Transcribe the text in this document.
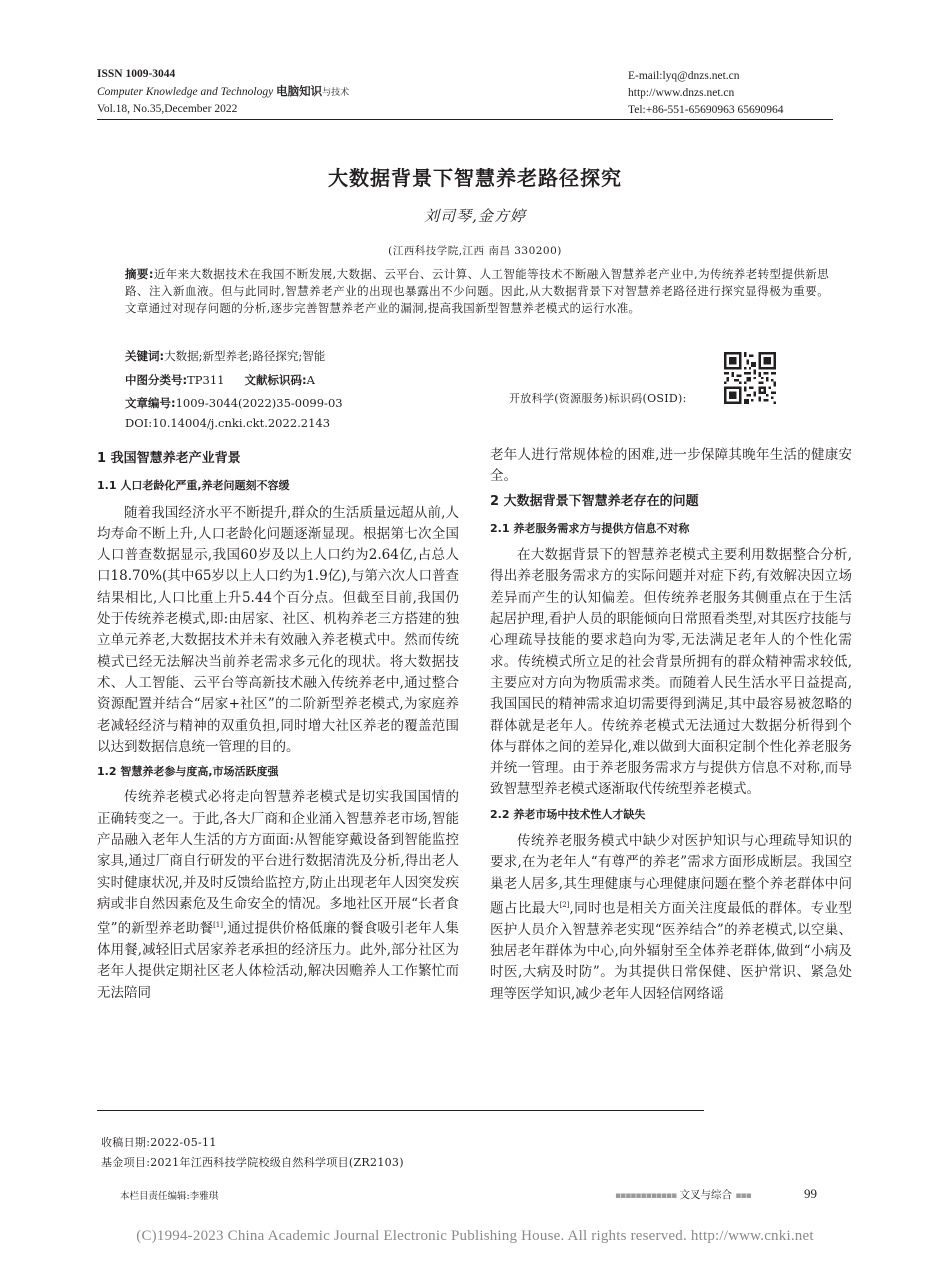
ISSN 1009-3044
Computer Knowledge and Technology 电脑知识与技术
Vol.18, No.35,December 2022
E-mail:lyq@dnzs.net.cn
http://www.dnzs.net.cn
Tel:+86-551-65690963 65690964
大数据背景下智慧养老路径探究
刘司琴,金方婷
(江西科技学院,江西 南昌 330200)
摘要:近年来大数据技术在我国不断发展,大数据、云平台、云计算、人工智能等技术不断融入智慧养老产业中,为传统养老转型提供新思路、注入新血液。但与此同时,智慧养老产业的出现也暴露出不少问题。因此,从大数据背景下对智慧养老路径进行探究显得极为重要。文章通过对现存问题的分析,逐步完善智慧养老产业的漏洞,提高我国新型智慧养老模式的运行水准。
关键词:大数据;新型养老;路径探究;智能
中图分类号:TP311 文献标识码:A
文章编号:1009-3044(2022)35-0099-03
DOI:10.14004/j.cnki.ckt.2022.2143
开放科学(资源服务)标识码(OSID):
1 我国智慧养老产业背景
1.1 人口老龄化严重,养老问题刻不容缓

随着我国经济水平不断提升,群众的生活质量远超从前,人均寿命不断上升,人口老龄化问题逐渐显现。根据第七次全国人口普查数据显示,我国60岁及以上人口约为2.64亿,占总人口18.70%(其中65岁以上人口约为1.9亿),与第六次人口普查结果相比,人口比重上升5.44个百分点。但截至目前,我国仍处于传统养老模式,即:由居家、社区、机构养老三方搭建的独立单元养老,大数据技术并未有效融入养老模式中。然而传统模式已经无法解决当前养老需求多元化的现状。将大数据技术、人工智能、云平台等高新技术融入传统养老中,通过整合资源配置并结合“居家+社区”的二阶新型养老模式,为家庭养老减轻经济与精神的双重负担,同时增大社区养老的覆盖范围以达到数据信息统一管理的目的。

1.2 智慧养老参与度高,市场活跃度强

传统养老模式必将走向智慧养老模式是切实我国国情的正确转变之一。于此,各大厂商和企业涌入智慧养老市场,智能产品融入老年人生活的方方面面:从智能穿戴设备到智能监控家具,通过厂商自行研发的平台进行数据清洗及分析,得出老人实时健康状况,并及时反馈给监控方,防止出现老年人因突发疾病或非自然因素危及生命安全的情况。多地社区开展“长者食堂”的新型养老助餐[1],通过提供价格低廉的餐食吸引老年人集体用餐,减轻旧式居家养老承担的经济压力。此外,部分社区为老年人提供定期社区老人体检活动,解决因赡养人工作繁忙而无法陪同

老年人进行常规体检的困难,进一步保障其晚年生活的健康安全。

2 大数据背景下智慧养老存在的问题
2.1 养老服务需求方与提供方信息不对称

在大数据背景下的智慧养老模式主要利用数据整合分析,得出养老服务需求方的实际问题并对症下药,有效解决因立场差异而产生的认知偏差。但传统养老服务其侧重点在于生活起居护理,看护人员的职能倾向日常照看类型,对其医疗技能与心理疏导技能的要求趋向为零,无法满足老年人的个性化需求。传统模式所立足的社会背景所拥有的群众精神需求较低,主要应对方向为物质需求类。而随着人民生活水平日益提高,我国国民的精神需求迫切需要得到满足,其中最容易被忽略的群体就是老年人。传统养老模式无法通过大数据分析得到个体与群体之间的差异化,难以做到大面积定制个性化养老服务并统一管理。由于养老服务需求方与提供方信息不对称,而导致智慧型养老模式逐渐取代传统型养老模式。

2.2 养老市场中技术性人才缺失

传统养老服务模式中缺少对医护知识与心理疏导知识的要求,在为老年人“有尊严的养老”需求方面形成断层。我国空巢老人居多,其生理健康与心理健康问题在整个养老群体中问题占比最大[2],同时也是相关方面关注度最低的群体。专业型医护人员介入智慧养老实现“医养结合”的养老模式,以空巢、独居老年群体为中心,向外辐射至全体养老群体,做到“小病及时医,大病及时防”。为其提供日常保健、医护常识、紧急处理等医学知识,减少老年人因轻信网络谣

收稿日期:2022-05-11
基金项目:2021年江西科技学院校级自然科学项目(ZR2103)
本栏目责任编辑:李雅琪	▪▪▪▪▪▪▪▪▪▪▪▪ 文叉与综合 ▪▪▪	99
(C)1994-2023 China Academic Journal Electronic Publishing House. All rights reserved. http://www.cnki.net
